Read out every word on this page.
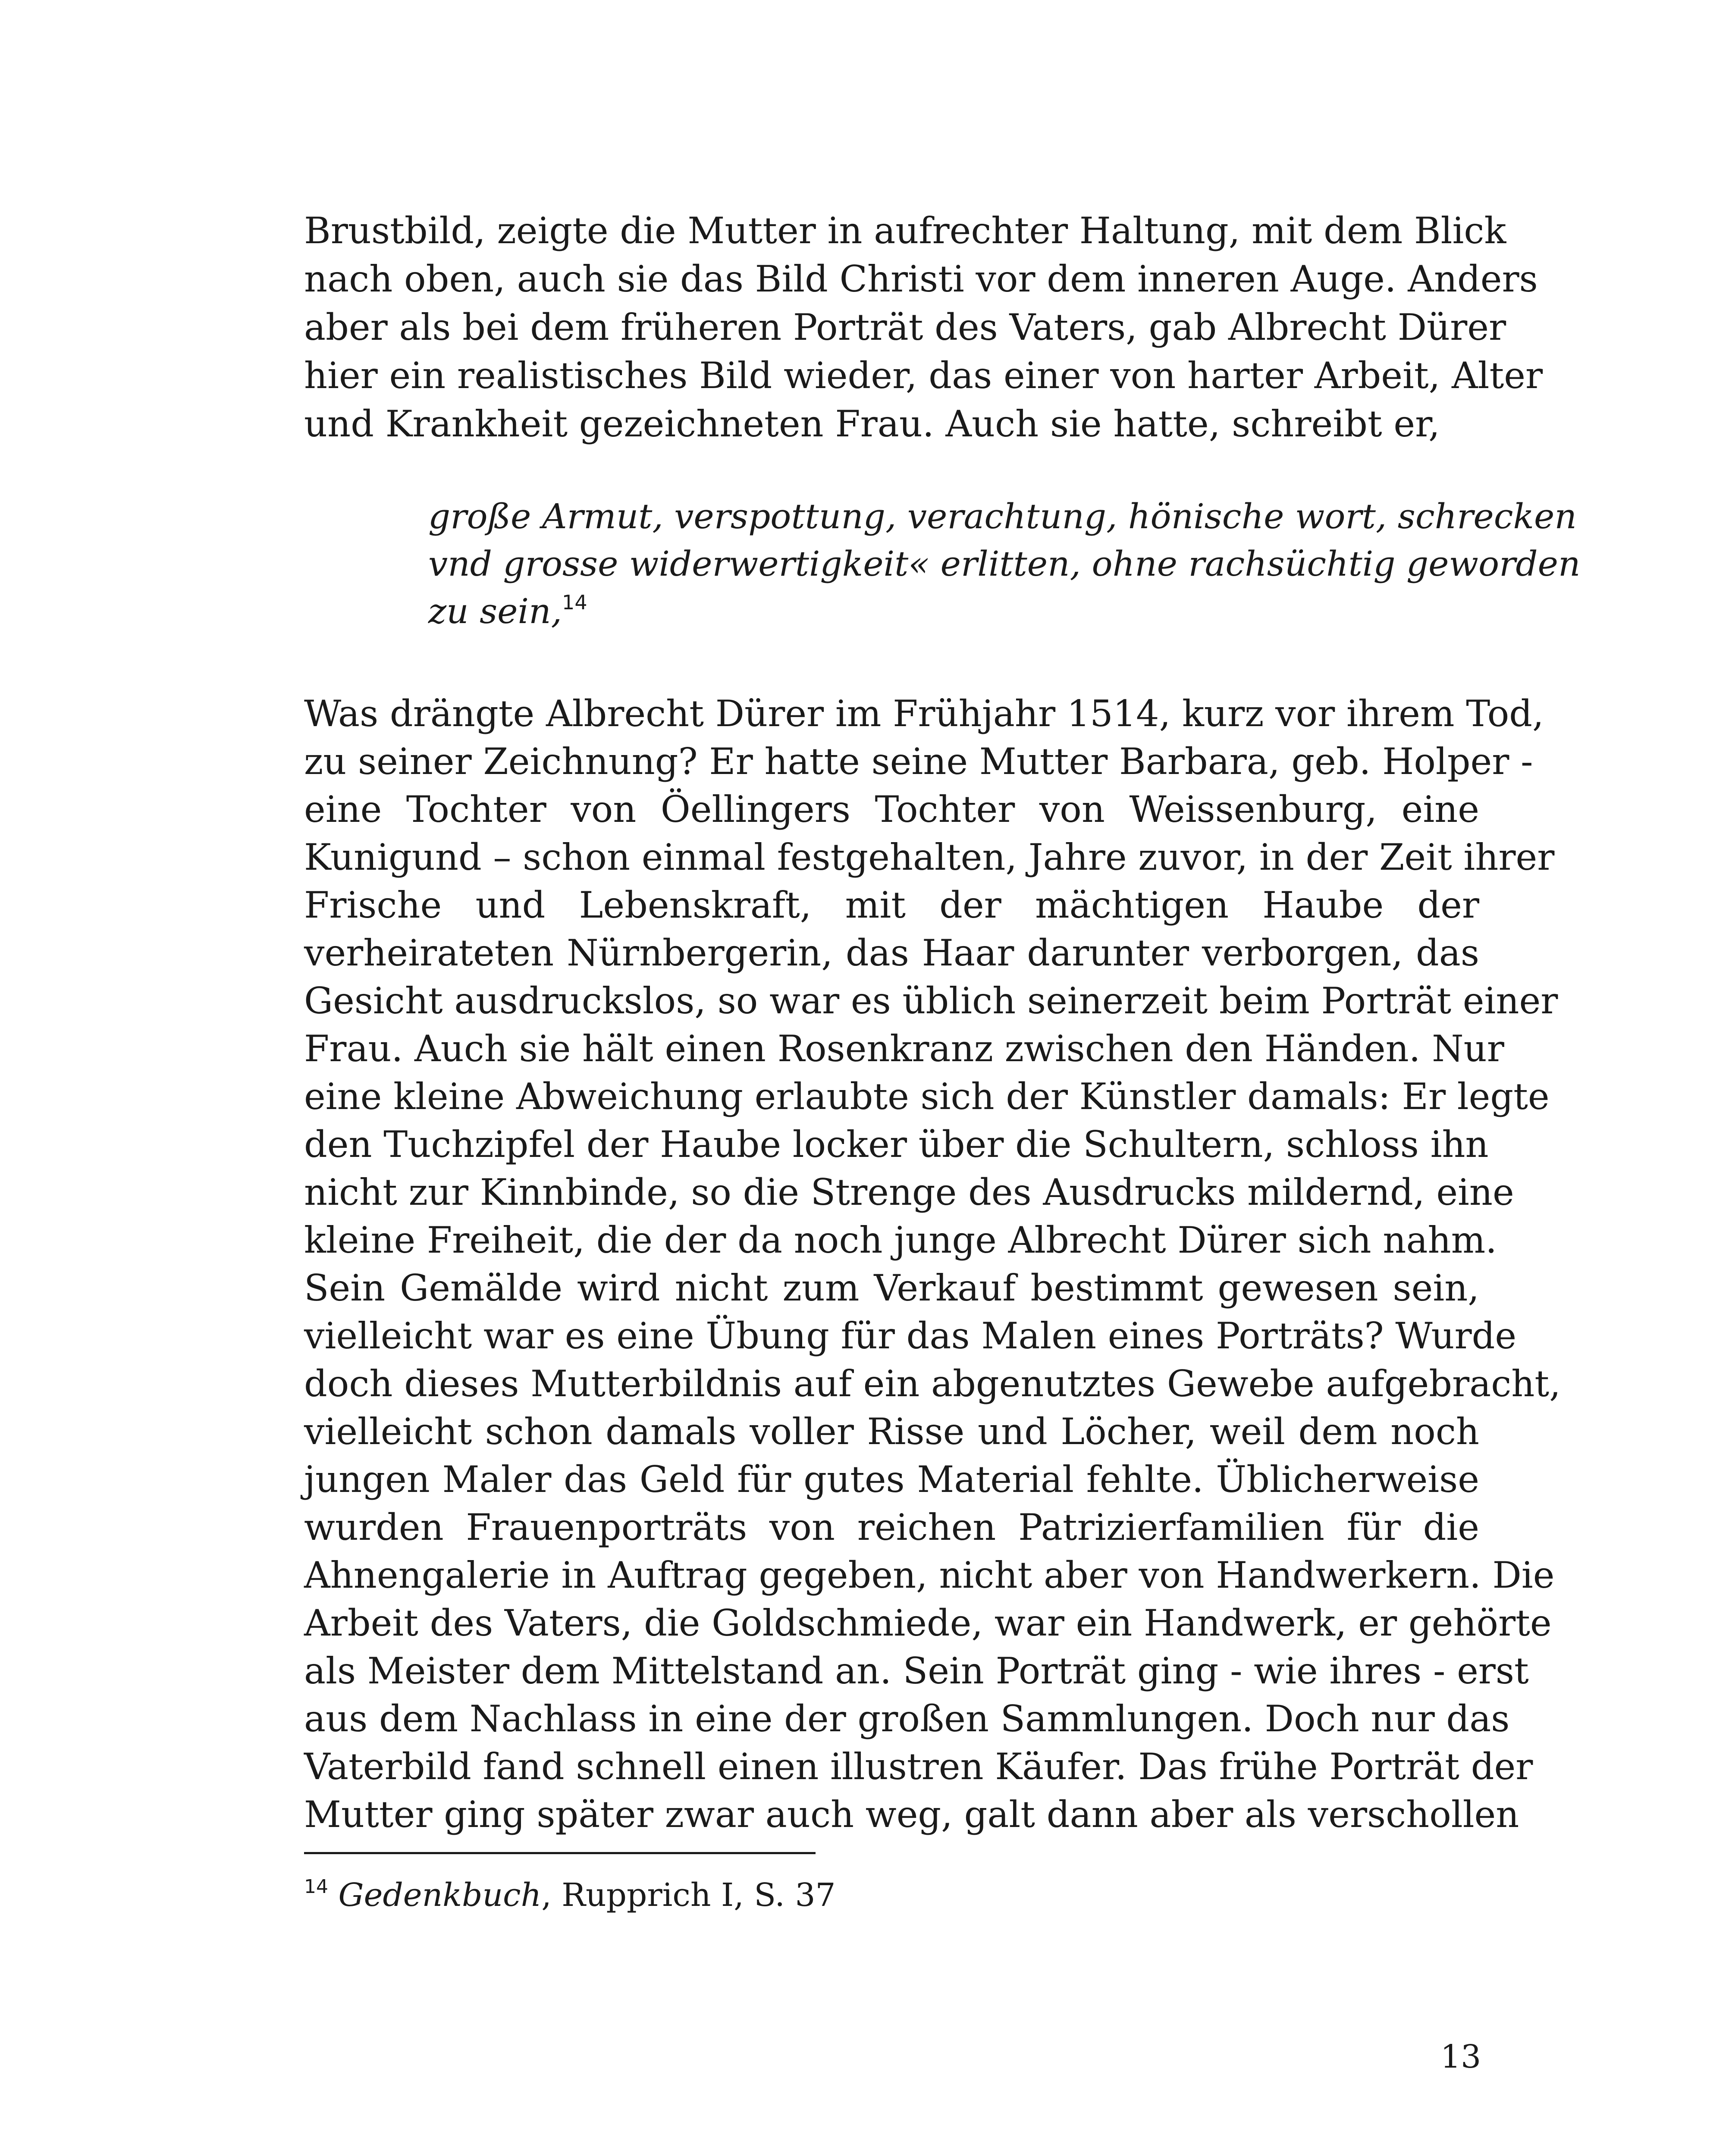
Brustbild, zeigte die Mutter in aufrechter Haltung, mit dem Blick
nach oben, auch sie das Bild Christi vor dem inneren Auge. Anders
aber als bei dem früheren Porträt des Vaters, gab Albrecht Dürer
hier ein realistisches Bild wieder, das einer von harter Arbeit, Alter
und Krankheit gezeichneten Frau. Auch sie hatte, schreibt er,
große Armut, verspottung, verachtung, hönische wort, schrecken
vnd grosse widerwertigkeit« erlitten, ohne rachsüchtig geworden
zu sein,$^{14}$
Was drängte Albrecht Dürer im Frühjahr 1514, kurz vor ihrem Tod,
zu seiner Zeichnung? Er hatte seine Mutter Barbara, geb. Holper -
eine Tochter von Öellingers Tochter von Weissenburg, eine
Kunigund – schon einmal festgehalten, Jahre zuvor, in der Zeit ihrer
Frische und Lebenskraft, mit der mächtigen Haube der
verheirateten Nürnbergerin, das Haar darunter verborgen, das
Gesicht ausdruckslos, so war es üblich seinerzeit beim Porträt einer
Frau. Auch sie hält einen Rosenkranz zwischen den Händen. Nur
eine kleine Abweichung erlaubte sich der Künstler damals: Er legte
den Tuchzipfel der Haube locker über die Schultern, schloss ihn
nicht zur Kinnbinde, so die Strenge des Ausdrucks mildernd, eine
kleine Freiheit, die der da noch junge Albrecht Dürer sich nahm.
Sein Gemälde wird nicht zum Verkauf bestimmt gewesen sein,
vielleicht war es eine Übung für das Malen eines Porträts? Wurde
doch dieses Mutterbildnis auf ein abgenutztes Gewebe aufgebracht,
vielleicht schon damals voller Risse und Löcher, weil dem noch
jungen Maler das Geld für gutes Material fehlte. Üblicherweise
wurden Frauenporträts von reichen Patrizierfamilien für die
Ahnengalerie in Auftrag gegeben, nicht aber von Handwerkern. Die
Arbeit des Vaters, die Goldschmiede, war ein Handwerk, er gehörte
als Meister dem Mittelstand an. Sein Porträt ging - wie ihres - erst
aus dem Nachlass in eine der großen Sammlungen. Doch nur das
Vaterbild fand schnell einen illustren Käufer. Das frühe Porträt der
Mutter ging später zwar auch weg, galt dann aber als verschollen
$^{14}$ Gedenkbuch, Rupprich I, S. 37
13
